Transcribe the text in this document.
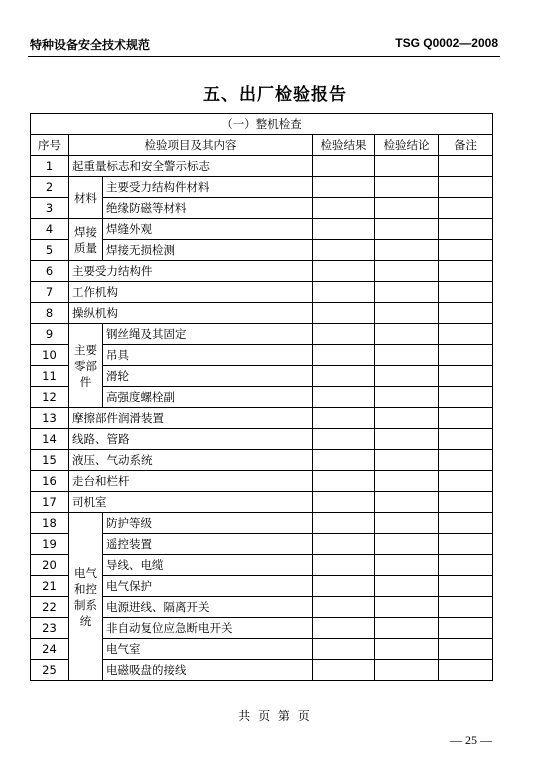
特种设备安全技术规范	TSG Q0002—2008
五、出厂检验报告
（一）整机检查					
序号	检验项目及其内容		检验结果	检验结论	备注
1	起重量标志和安全警示标志				
2	材料	主要受力结构件材料			
3		绝缘防磁等材料			
4	焊接质量	焊缝外观			
5		焊接无损检测			
6	主要受力结构件				
7	工作机构				
8	操纵机构				
9	主要零部件	钢丝绳及其固定			
10		吊具			
11		滑轮			
12		高强度螺栓副			
13	摩擦部件润滑装置				
14	线路、管路				
15	液压、气动系统				
16	走台和栏杆				
17	司机室				
18	电气和控制系统	防护等级			
19		遥控装置			
20		导线、电缆			
21		电气保护			
22		电源进线、隔离开关			
23		非自动复位应急断电开关			
24		电气室			
25		电磁吸盘的接线			
共 页 第 页
— 25 —
